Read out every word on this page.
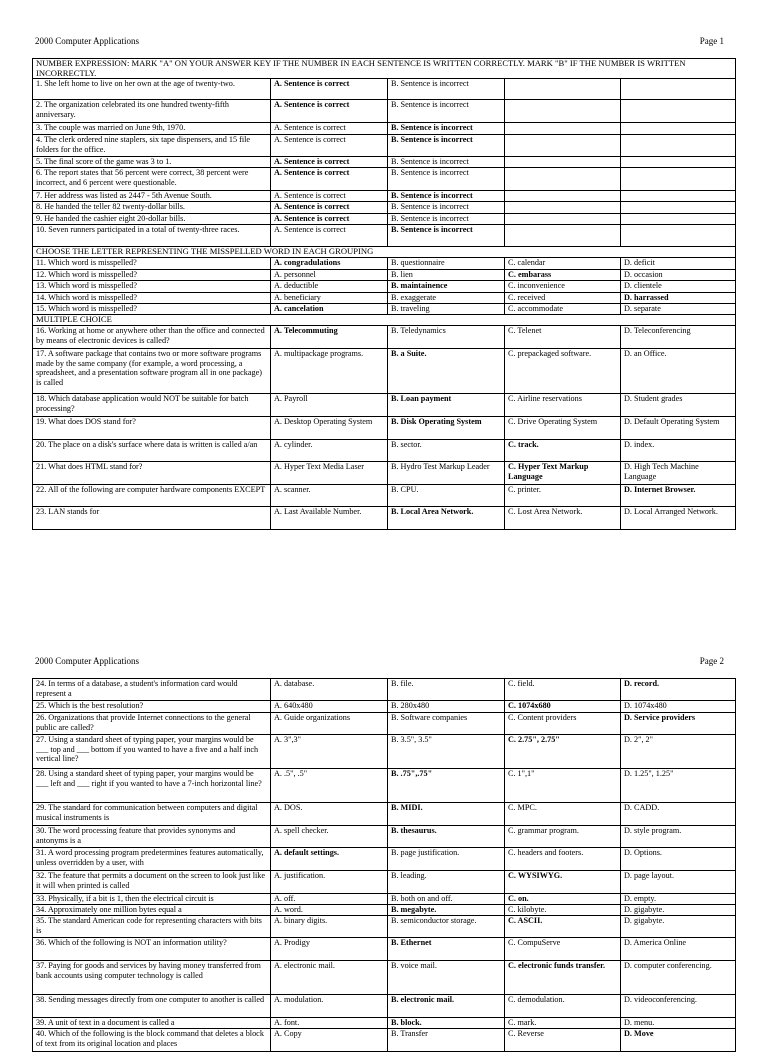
2000 Computer Applications	Page 1
NUMBER EXPRESSION: MARK "A" ON YOUR ANSWER KEY IF THE NUMBER IN EACH SENTENCE IS WRITTEN CORRECTLY. MARK "B" IF THE NUMBER IS WRITTEN INCORRECTLY.				
1. She left home to live on her own at the age of twenty-two.	A. Sentence is correct	B. Sentence is incorrect		
2. The organization celebrated its one hundred twenty-fifth anniversary.	A. Sentence is correct	B. Sentence is incorrect		
3. The couple was married on June 9th, 1970.	A. Sentence is correct	B. Sentence is incorrect		
4. The clerk ordered nine staplers, six tape dispensers, and 15 file folders for the office.	A. Sentence is correct	B. Sentence is incorrect		
5. The final score of the game was 3 to 1.	A. Sentence is correct	B. Sentence is incorrect		
6. The report states that 56 percent were correct, 38 percent were incorrect, and 6 percent were questionable.	A. Sentence is correct	B. Sentence is incorrect		
7. Her address was listed as 2447 - 5th Avenue South.	A. Sentence is correct	B. Sentence is incorrect		
8. He handed the teller 82 twenty-dollar bills.	A. Sentence is correct	B. Sentence is incorrect		
9. He handed the cashier eight 20-dollar bills.	A. Sentence is correct	B. Sentence is incorrect		
10. Seven runners participated in a total of twenty-three races.	A. Sentence is correct	B. Sentence is incorrect		
CHOOSE THE LETTER REPRESENTING THE MISSPELLED WORD IN EACH GROUPING				
11. Which word is misspelled?	A. congradulations	B. questionnaire	C. calendar	D. deficit
12. Which word is misspelled?	A. personnel	B. lien	C. embarass	D. occasion
13. Which word is misspelled?	A. deductible	B. maintainence	C. inconvenience	D. clientele
14. Which word is misspelled?	A. beneficiary	B. exaggerate	C. received	D. harrassed
15. Which word is misspelled?	A. cancelation	B. traveling	C. accommodate	D. separate
MULTIPLE CHOICE				
16. Working at home or anywhere other than the office and connected by means of electronic devices is called?	A. Telecommuting	B. Teledynamics	C. Telenet	D. Teleconferencing
17. A software package that contains two or more software programs made by the same company (for example, a word processing, a spreadsheet, and a presentation software program all in one package) is called	A. multipackage programs.	B. a Suite.	C. prepackaged software.	D. an Office.
18. Which database application would NOT be suitable for batch processing?	A. Payroll	B. Loan payment	C. Airline reservations	D. Student grades
19. What does DOS stand for?	A. Desktop Operating System	B. Disk Operating System	C. Drive Operating System	D. Default Operating System
20. The place on a disk's surface where data is written is called a/an	A. cylinder.	B. sector.	C. track.	D. index.
21. What does HTML stand for?	A. Hyper Text Media Laser	B. Hydro Test Markup Leader	C. Hyper Text Markup Language	D. High Tech Machine Language
22. All of the following are computer hardware components EXCEPT	A. scanner.	B. CPU.	C. printer.	D. Internet Browser.
23. LAN stands for	A. Last Available Number.	B. Local Area Network.	C. Lost Area Network.	D. Local Arranged Network.
2000 Computer Applications	Page 2
24. In terms of a database, a student's information card would represent a	A. database.	B. file.	C. field.	D. record.
25. Which is the best resolution?	A. 640x480	B. 280x480	C. 1074x680	D. 1074x480
26. Organizations that provide Internet connections to the general public are called?	A. Guide organizations	B. Software companies	C. Content providers	D. Service providers
27. Using a standard sheet of typing paper, your margins would be ___ top and ___ bottom if you wanted to have a five and a half inch vertical line?	A. 3",3"	B. 3.5", 3.5"	C. 2.75", 2.75"	D. 2", 2"
28. Using a standard sheet of typing paper, your margins would be ___ left and ___ right if you wanted to have a 7-inch horizontal line?	A. .5", .5"	B. .75",.75"	C. 1",1"	D. 1.25", 1.25"
29. The standard for communication between computers and digital musical instruments is	A. DOS.	B. MIDI.	C. MPC.	D. CADD.
30. The word processing feature that provides synonyms and antonyms is a	A. spell checker.	B. thesaurus.	C. grammar program.	D. style program.
31. A word processing program predetermines features automatically, unless overridden by a user, with	A. default settings.	B. page justification.	C. headers and footers.	D. Options.
32. The feature that permits a document on the screen to look just like it will when printed is called	A. justification.	B. leading.	C. WYSIWYG.	D. page layout.
33. Physically, if a bit is 1, then the electrical circuit is	A. off.	B. both on and off.	C. on.	D. empty.
34. Approximately one million bytes equal a	A. word.	B. megabyte.	C. kilobyte.	D. gigabyte.
35. The standard American code for representing characters with bits is	A. binary digits.	B. semiconductor storage.	C. ASCII.	D. gigabyte.
36. Which of the following is NOT an information utility?	A. Prodigy	B. Ethernet	C. CompuServe	D. America Online
37. Paying for goods and services by having money transferred from bank accounts using computer technology is called	A. electronic mail.	B. voice mail.	C. electronic funds transfer.	D. computer conferencing.
38. Sending messages directly from one computer to another is called	A. modulation.	B. electronic mail.	C. demodulation.	D. videoconferencing.
39. A unit of text in a document is called a	A. font.	B. block.	C. mark.	D. menu.
40. Which of the following is the block command that deletes a block of text from its original location and places	A. Copy	B. Transfer	C. Reverse	D. Move
